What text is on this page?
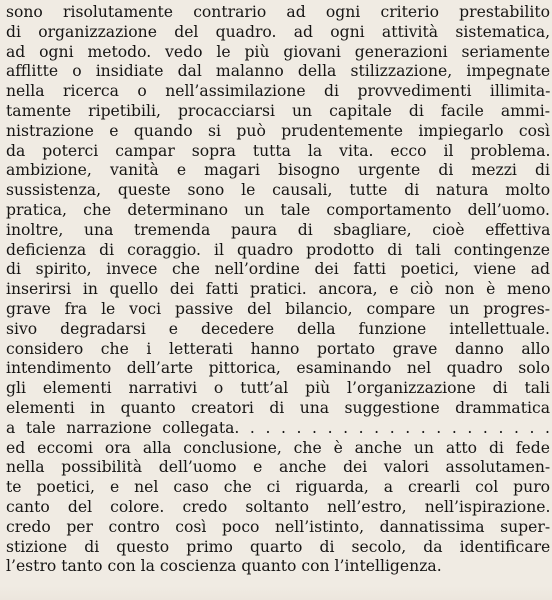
sono risolutamente contrario ad ogni criterio prestabilito
di organizzazione del quadro. ad ogni attività sistematica,
ad ogni metodo. vedo le più giovani generazioni seriamente
afflitte o insidiate dal malanno della stilizzazione, impegnate
nella ricerca o nell’assimilazione di provvedimenti illimita-
tamente ripetibili, procacciarsi un capitale di facile ammi-
nistrazione e quando si può prudentemente impiegarlo così
da poterci campar sopra tutta la vita. ecco il problema.
ambizione, vanità e magari bisogno urgente di mezzi di
sussistenza, queste sono le causali, tutte di natura molto
pratica, che determinano un tale comportamento dell’uomo.
inoltre, una tremenda paura di sbagliare, cioè effettiva
deficienza di coraggio. il quadro prodotto di tali contingenze
di spirito, invece che nell’ordine dei fatti poetici, viene ad
inserirsi in quello dei fatti pratici. ancora, e ciò non è meno
grave fra le voci passive del bilancio, compare un progres-
sivo degradarsi e decedere della funzione intellettuale.
considero che i letterati hanno portato grave danno allo
intendimento dell’arte pittorica, esaminando nel quadro solo
gli elementi narrativi o tutt’al più l’organizzazione di tali
elementi in quanto creatori di una suggestione drammatica
a tale narrazione collegata. . . . . . . . . . . . . . . . . . . . .
ed eccomi ora alla conclusione, che è anche un atto di fede
nella possibilità dell’uomo e anche dei valori assolutamen-
te poetici, e nel caso che ci riguarda, a crearli col puro
canto del colore. credo soltanto nell’estro, nell’ispirazione.
credo per contro così poco nell’istinto, dannatissima super-
stizione di questo primo quarto di secolo, da identificare
l’estro tanto con la coscienza quanto con l’intelligenza.
